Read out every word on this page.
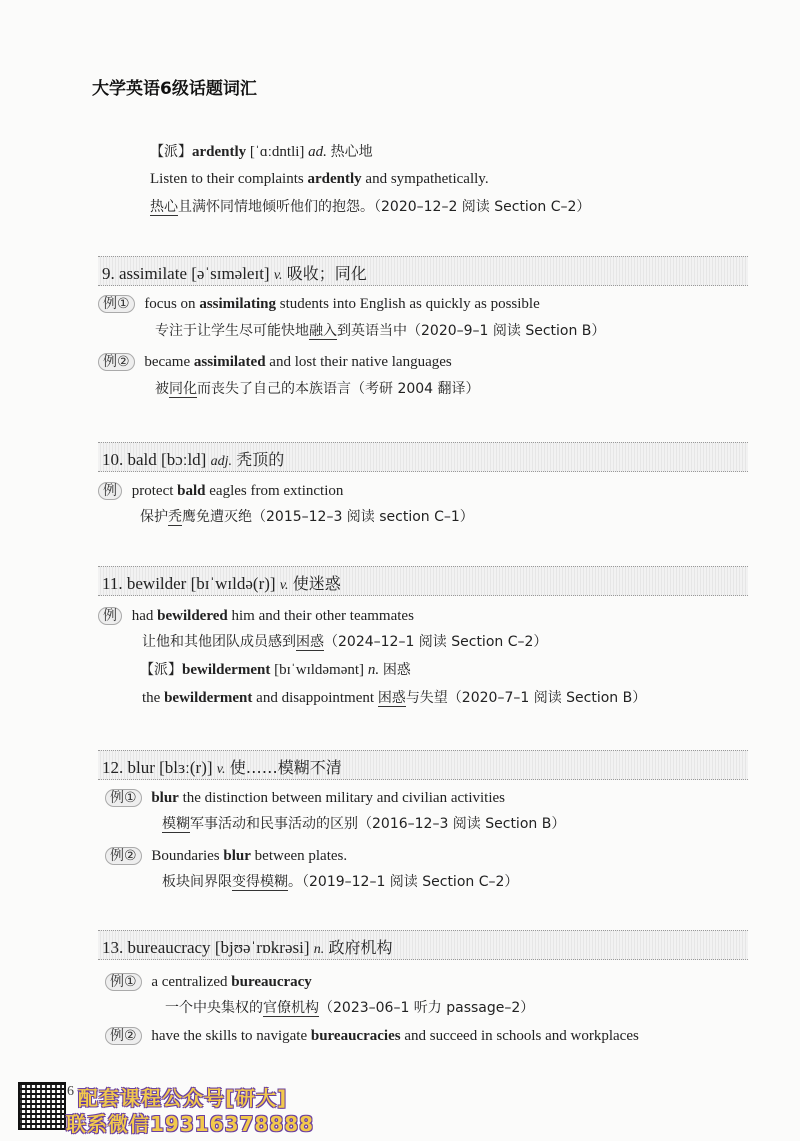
大学英语6级话题词汇
【派】ardently [ˈɑːdntli] ad. 热心地
Listen to their complaints ardently and sympathetically.
热心且满怀同情地倾听他们的抱怨。（2020–12–2 阅读 Section C–2）
9. assimilate [əˈsɪməleɪt] v. 吸收；同化
例① focus on assimilating students into English as quickly as possible
专注于让学生尽可能快地融入到英语当中（2020–9–1 阅读 Section B）
例② became assimilated and lost their native languages
被同化而丧失了自己的本族语言（考研 2004 翻译）
10. bald [bɔːld] adj. 秃顶的
例 protect bald eagles from extinction
保护秃鹰免遭灭绝（2015–12–3 阅读 section C–1）
11. bewilder [bɪˈwɪldə(r)] v. 使迷惑
例 had bewildered him and their other teammates
让他和其他团队成员感到困惑（2024–12–1 阅读 Section C–2）
【派】bewilderment [bɪˈwɪldəmənt] n. 困惑
the bewilderment and disappointment 困惑与失望（2020–7–1 阅读 Section B）
12. blur [blɜː(r)] v. 使……模糊不清
例① blur the distinction between military and civilian activities
模糊军事活动和民事活动的区别（2016–12–3 阅读 Section B）
例② Boundaries blur between plates.
板块间界限变得模糊。（2019–12–1 阅读 Section C–2）
13. bureaucracy [bjʊəˈrɒkrəsi] n. 政府机构
例① a centralized bureaucracy
一个中央集权的官僚机构（2023–06–1 听力 passage–2）
例② have the skills to navigate bureaucracies and succeed in schools and workplaces
6 配套课程公众号[研大]
联系微信19316378888
